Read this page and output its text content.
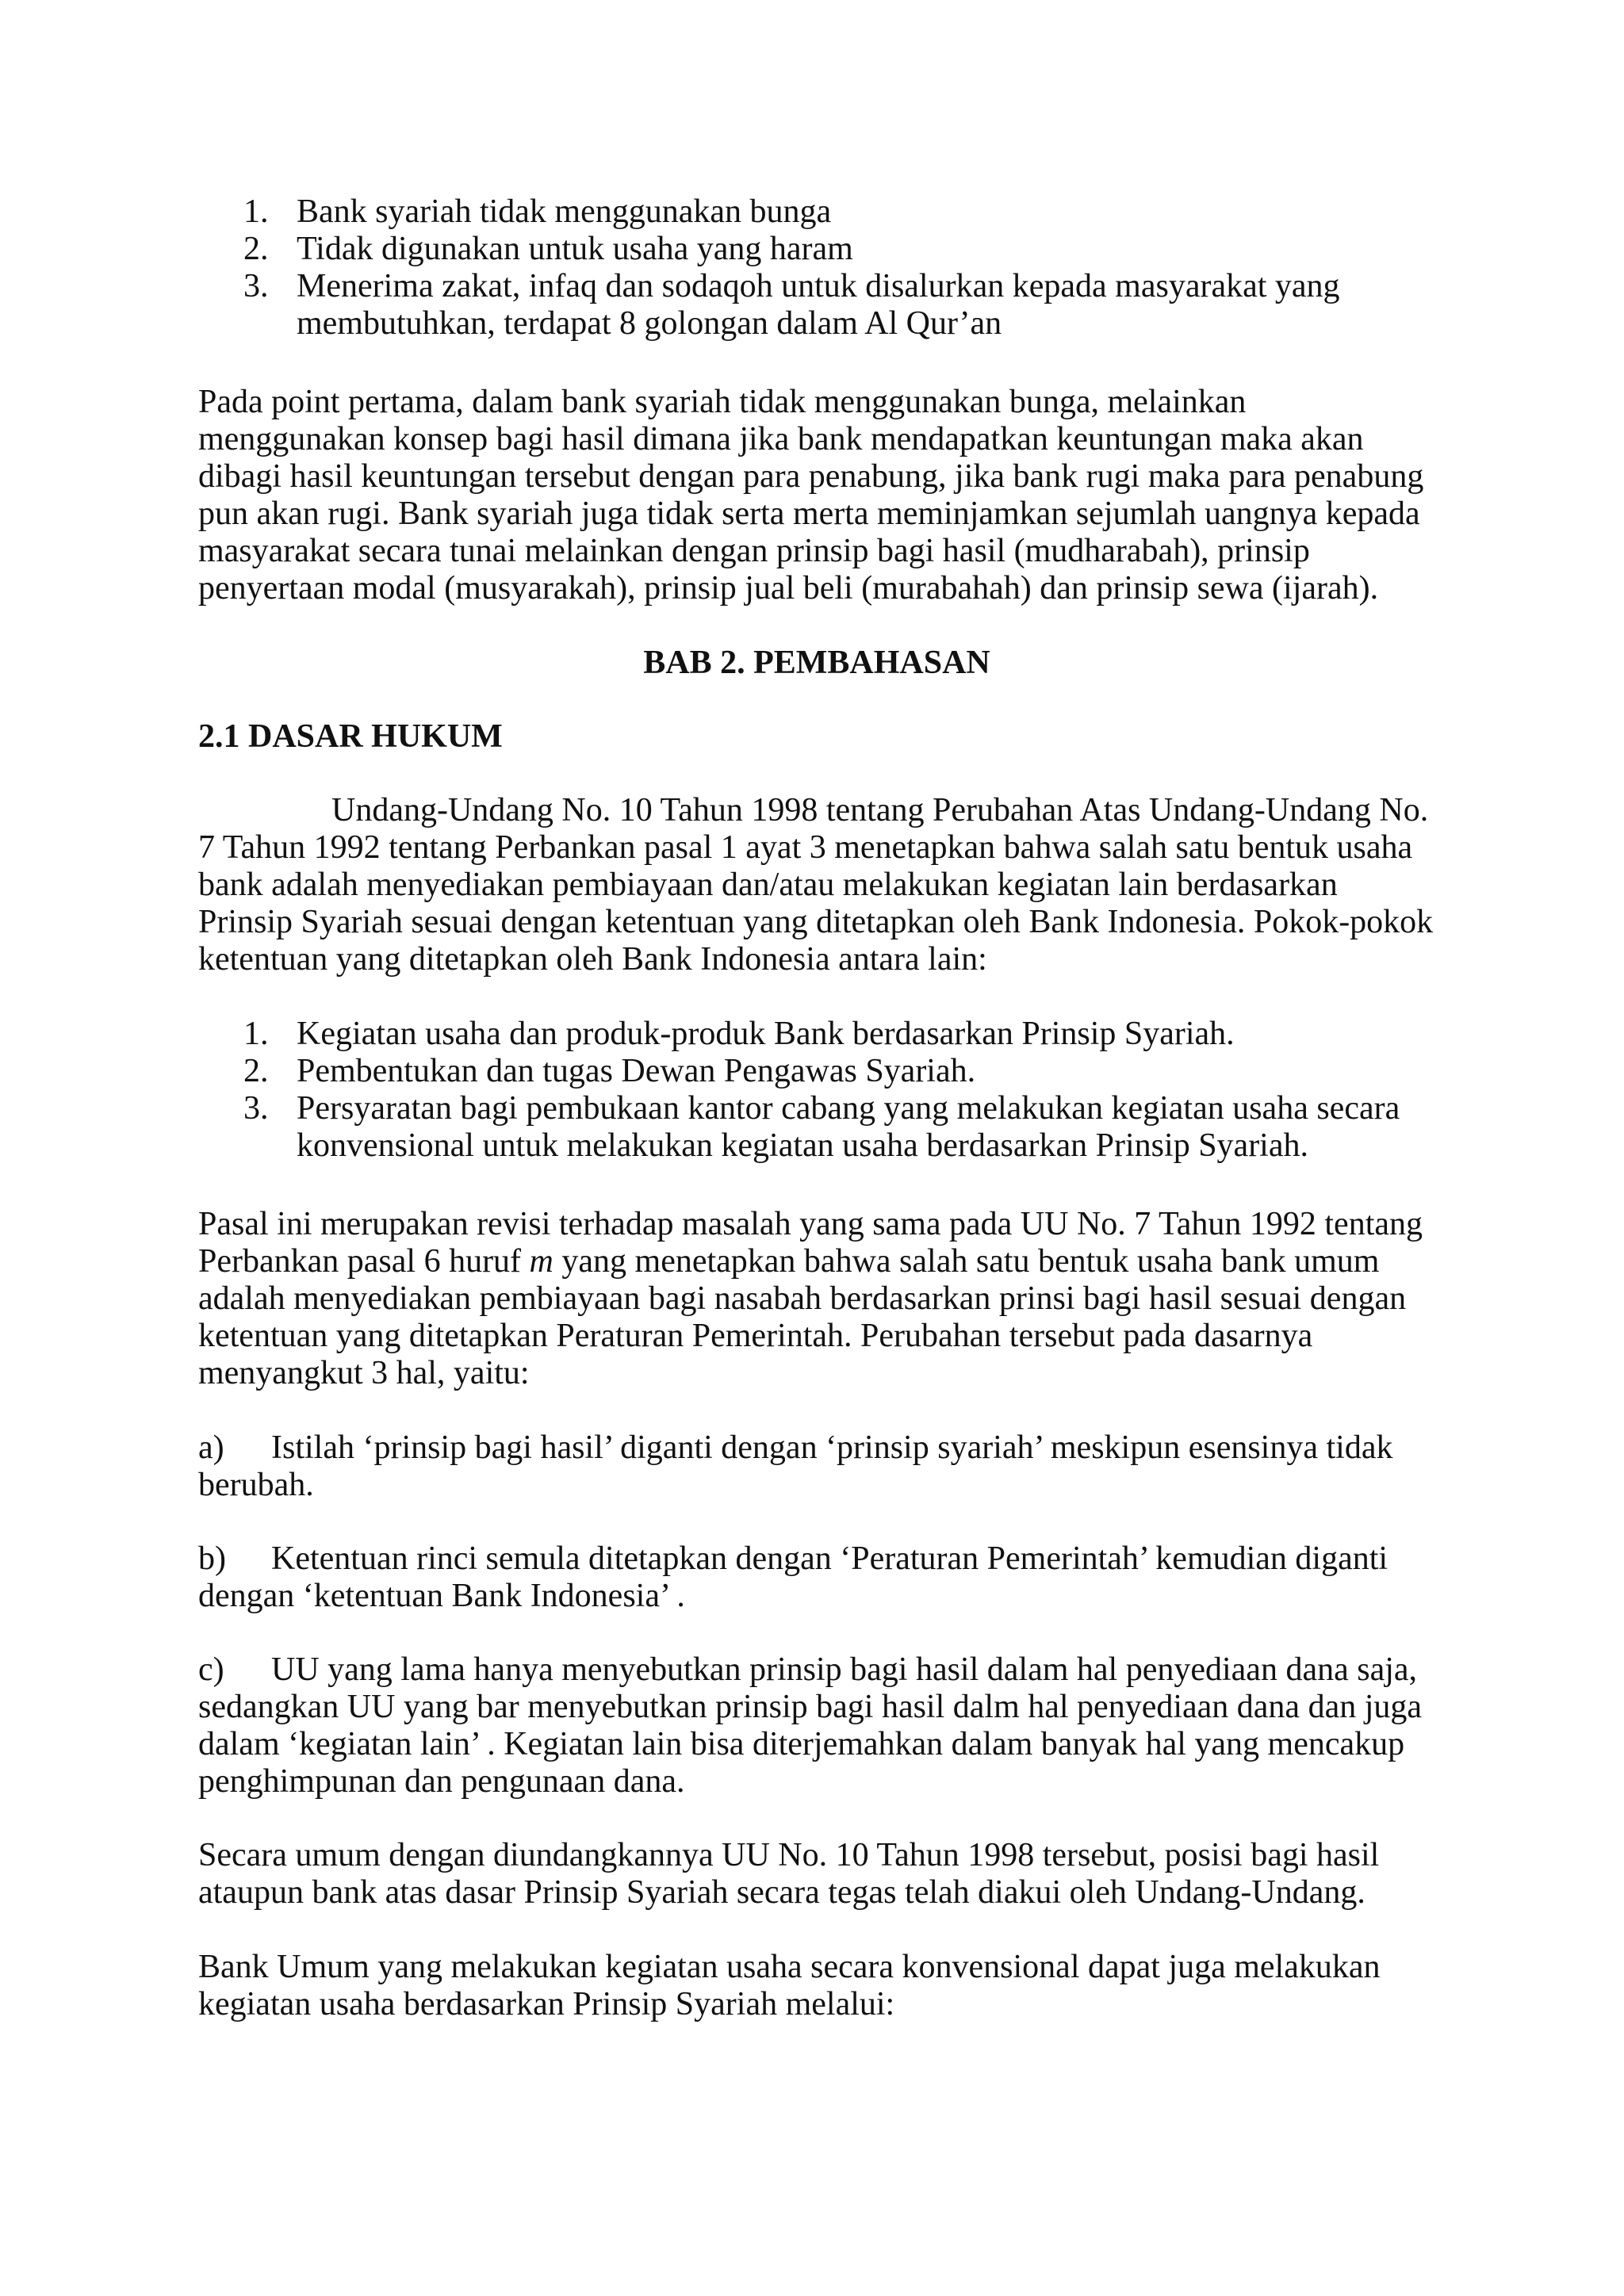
1. Bank syariah tidak menggunakan bunga
2. Tidak digunakan untuk usaha yang haram
3. Menerima zakat, infaq dan sodaqoh untuk disalurkan kepada masyarakat yang membutuhkan, terdapat 8 golongan dalam Al Qur’an

Pada point pertama, dalam bank syariah tidak menggunakan bunga, melainkan menggunakan konsep bagi hasil dimana jika bank mendapatkan keuntungan maka akan dibagi hasil keuntungan tersebut dengan para penabung, jika bank rugi maka para penabung pun akan rugi. Bank syariah juga tidak serta merta meminjamkan sejumlah uangnya kepada masyarakat secara tunai melainkan dengan prinsip bagi hasil (mudharabah), prinsip penyertaan modal (musyarakah), prinsip jual beli (murabahah) dan prinsip sewa (ijarah).

BAB 2. PEMBAHASAN
2.1 DASAR HUKUM

Undang-Undang No. 10 Tahun 1998 tentang Perubahan Atas Undang-Undang No. 7 Tahun 1992 tentang Perbankan pasal 1 ayat 3 menetapkan bahwa salah satu bentuk usaha bank adalah menyediakan pembiayaan dan/atau melakukan kegiatan lain berdasarkan Prinsip Syariah sesuai dengan ketentuan yang ditetapkan oleh Bank Indonesia. Pokok-pokok ketentuan yang ditetapkan oleh Bank Indonesia antara lain:

1. Kegiatan usaha dan produk-produk Bank berdasarkan Prinsip Syariah.
2. Pembentukan dan tugas Dewan Pengawas Syariah.
3. Persyaratan bagi pembukaan kantor cabang yang melakukan kegiatan usaha secara konvensional untuk melakukan kegiatan usaha berdasarkan Prinsip Syariah.

Pasal ini merupakan revisi terhadap masalah yang sama pada UU No. 7 Tahun 1992 tentang Perbankan pasal 6 huruf m yang menetapkan bahwa salah satu bentuk usaha bank umum adalah menyediakan pembiayaan bagi nasabah berdasarkan prinsi bagi hasil sesuai dengan ketentuan yang ditetapkan Peraturan Pemerintah. Perubahan tersebut pada dasarnya menyangkut 3 hal, yaitu:

a) Istilah ‘prinsip bagi hasil’ diganti dengan ‘prinsip syariah’ meskipun esensinya tidak berubah.
b) Ketentuan rinci semula ditetapkan dengan ‘Peraturan Pemerintah’ kemudian diganti dengan ‘ketentuan Bank Indonesia’ .
c) UU yang lama hanya menyebutkan prinsip bagi hasil dalam hal penyediaan dana saja, sedangkan UU yang bar menyebutkan prinsip bagi hasil dalm hal penyediaan dana dan juga dalam ‘kegiatan lain’ . Kegiatan lain bisa diterjemahkan dalam banyak hal yang mencakup penghimpunan dan pengunaan dana.

Secara umum dengan diundangkannya UU No. 10 Tahun 1998 tersebut, posisi bagi hasil ataupun bank atas dasar Prinsip Syariah secara tegas telah diakui oleh Undang-Undang.

Bank Umum yang melakukan kegiatan usaha secara konvensional dapat juga melakukan kegiatan usaha berdasarkan Prinsip Syariah melalui:
